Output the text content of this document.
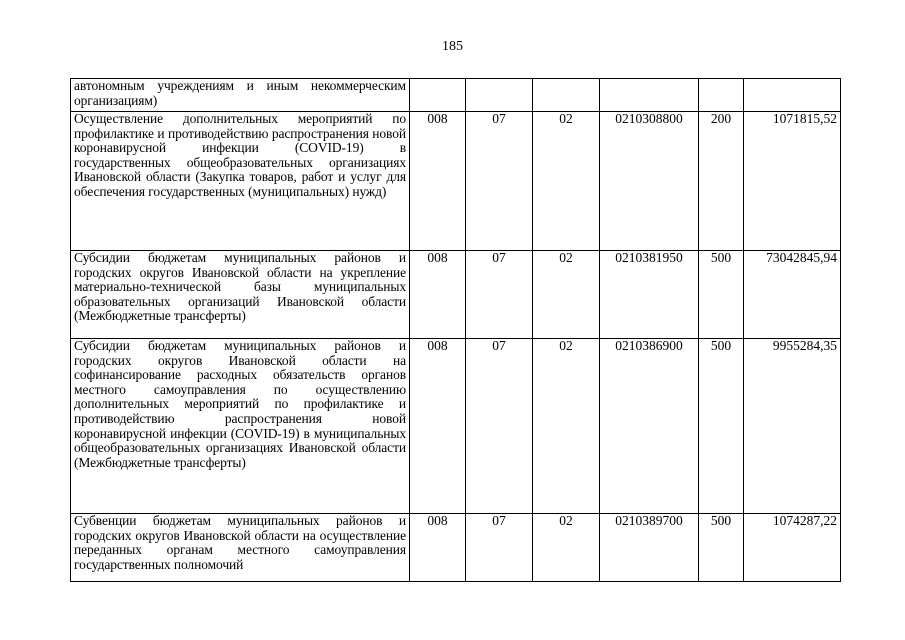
185
автономным учреждениям и иным некоммерческим организациям)						
Осуществление дополнительных мероприятий по профилактике и противодействию распространения новой коронавирусной инфекции (COVID-19) в государственных общеобразовательных организациях Ивановской области (Закупка товаров, работ и услуг для обеспечения государственных (муниципальных) нужд)	008	07	02	0210308800	200	1071815,52
Субсидии бюджетам муниципальных районов и городских округов Ивановской области на укрепление материально-технической базы муниципальных образовательных организаций Ивановской области (Межбюджетные трансферты)	008	07	02	0210381950	500	73042845,94
Субсидии бюджетам муниципальных районов и городских округов Ивановской области на софинансирование расходных обязательств органов местного самоуправления по осуществлению дополнительных мероприятий по профилактике и противодействию распространения новой коронавирусной инфекции (COVID-19) в муниципальных общеобразовательных организациях Ивановской области (Межбюджетные трансферты)	008	07	02	0210386900	500	9955284,35
Субвенции бюджетам муниципальных районов и городских округов Ивановской области на осуществление переданных органам местного самоуправления государственных полномочий	008	07	02	0210389700	500	1074287,22
